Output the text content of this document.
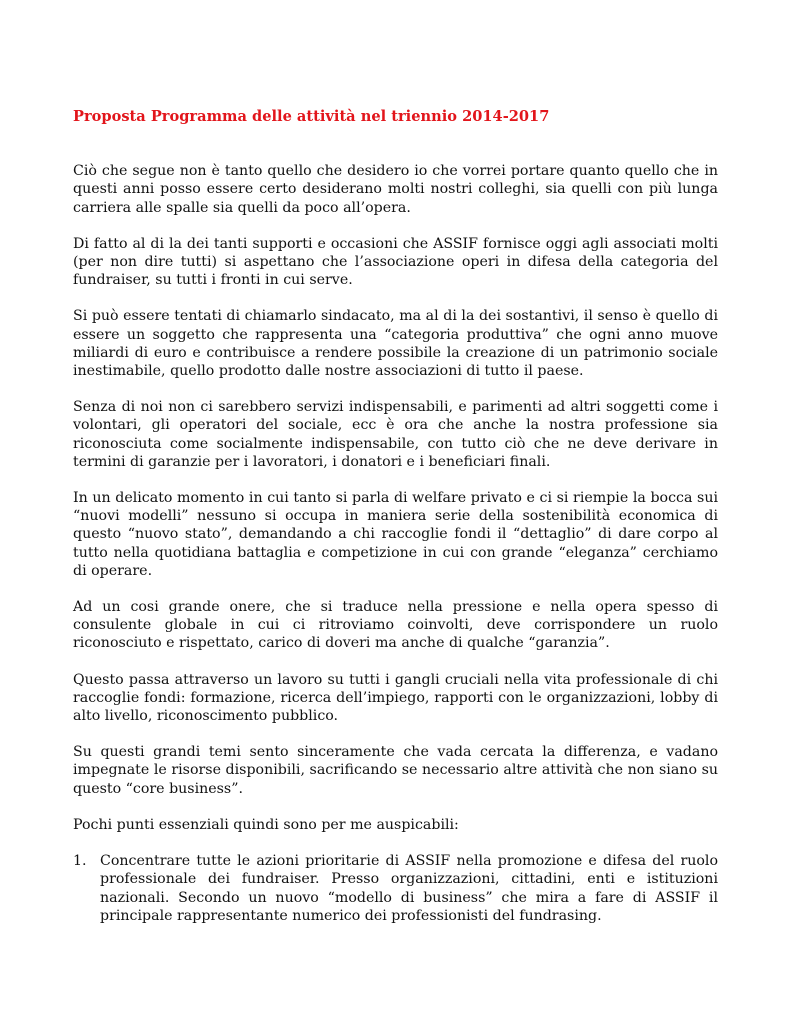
Proposta Programma delle attività nel triennio 2014-2017

Ciò che segue non è tanto quello che desidero io che vorrei portare quanto quello che in questi anni posso essere certo desiderano molti nostri colleghi, sia quelli con più lunga carriera alle spalle sia quelli da poco all’opera.

Di fatto al di la dei tanti supporti e occasioni che ASSIF fornisce oggi agli associati molti (per non dire tutti) si aspettano che l’associazione operi in difesa della categoria del fundraiser, su tutti i fronti in cui serve.

Si può essere tentati di chiamarlo sindacato, ma al di la dei sostantivi, il senso è quello di essere un soggetto che rappresenta una “categoria produttiva” che ogni anno muove miliardi di euro e contribuisce a rendere possibile la creazione di un patrimonio sociale inestimabile, quello prodotto dalle nostre associazioni di tutto il paese.

Senza di noi non ci sarebbero servizi indispensabili, e parimenti ad altri soggetti come i volontari, gli operatori del sociale, ecc è ora che anche la nostra professione sia riconosciuta come socialmente indispensabile, con tutto ciò che ne deve derivare in termini di garanzie per i lavoratori, i donatori e i beneficiari finali.

In un delicato momento in cui tanto si parla di welfare privato e ci si riempie la bocca sui “nuovi modelli” nessuno si occupa in maniera serie della sostenibilità economica di questo “nuovo stato”, demandando a chi raccoglie fondi il “dettaglio” di dare corpo al tutto nella quotidiana battaglia e competizione in cui con grande “eleganza” cerchiamo di operare.

Ad un cosi grande onere, che si traduce nella pressione e nella opera spesso di consulente globale in cui ci ritroviamo coinvolti, deve corrispondere un ruolo riconosciuto e rispettato, carico di doveri ma anche di qualche “garanzia”.

Questo passa attraverso un lavoro su tutti i gangli cruciali nella vita professionale di chi raccoglie fondi: formazione, ricerca dell’impiego, rapporti con le organizzazioni, lobby di alto livello, riconoscimento pubblico.

Su questi grandi temi sento sinceramente che vada cercata la differenza, e vadano impegnate le risorse disponibili, sacrificando se necessario altre attività che non siano su questo “core business”.

Pochi punti essenziali quindi sono per me auspicabili:

1. Concentrare tutte le azioni prioritarie di ASSIF nella promozione e difesa del ruolo professionale dei fundraiser. Presso organizzazioni, cittadini, enti e istituzioni nazionali. Secondo un nuovo “modello di business” che mira a fare di ASSIF il principale rappresentante numerico dei professionisti del fundrasing.
